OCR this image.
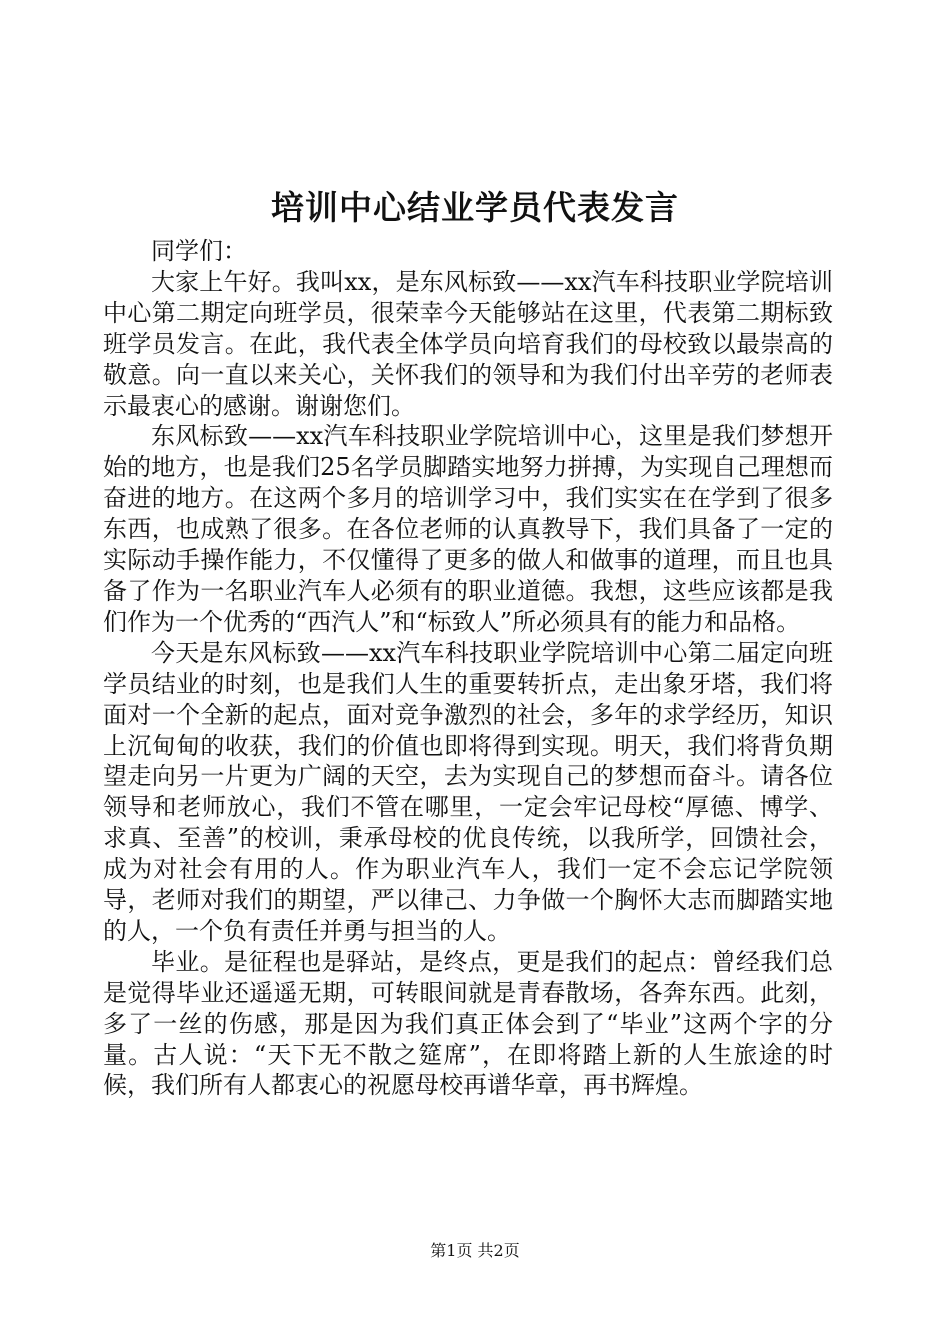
培训中心结业学员代表发言

同学们：

大家上午好。我叫xx，是东风标致——xx汽车科技职业学院培训中心第二期定向班学员，很荣幸今天能够站在这里，代表第二期标致班学员发言。在此，我代表全体学员向培育我们的母校致以最崇高的敬意。向一直以来关心，关怀我们的领导和为我们付出辛劳的老师表示最衷心的感谢。谢谢您们。

东风标致——xx汽车科技职业学院培训中心，这里是我们梦想开始的地方，也是我们25名学员脚踏实地努力拼搏，为实现自己理想而奋进的地方。在这两个多月的培训学习中，我们实实在在学到了很多东西，也成熟了很多。在各位老师的认真教导下，我们具备了一定的实际动手操作能力，不仅懂得了更多的做人和做事的道理，而且也具备了作为一名职业汽车人必须有的职业道德。我想，这些应该都是我们作为一个优秀的“西汽人”和“标致人”所必须具有的能力和品格。

今天是东风标致——xx汽车科技职业学院培训中心第二届定向班学员结业的时刻，也是我们人生的重要转折点，走出象牙塔，我们将面对一个全新的起点，面对竞争激烈的社会，多年的求学经历，知识上沉甸甸的收获，我们的价值也即将得到实现。明天，我们将背负期望走向另一片更为广阔的天空，去为实现自己的梦想而奋斗。请各位领导和老师放心，我们不管在哪里，一定会牢记母校“厚德、博学、求真、至善”的校训，秉承母校的优良传统，以我所学，回馈社会，成为对社会有用的人。作为职业汽车人，我们一定不会忘记学院领导，老师对我们的期望，严以律己、力争做一个胸怀大志而脚踏实地的人，一个负有责任并勇与担当的人。

毕业。是征程也是驿站，是终点，更是我们的起点：曾经我们总是觉得毕业还遥遥无期，可转眼间就是青春散场，各奔东西。此刻，多了一丝的伤感，那是因为我们真正体会到了“毕业”这两个字的分量。古人说：“天下无不散之筵席”，在即将踏上新的人生旅途的时候，我们所有人都衷心的祝愿母校再谱华章，再书辉煌。

第1页 共2页
